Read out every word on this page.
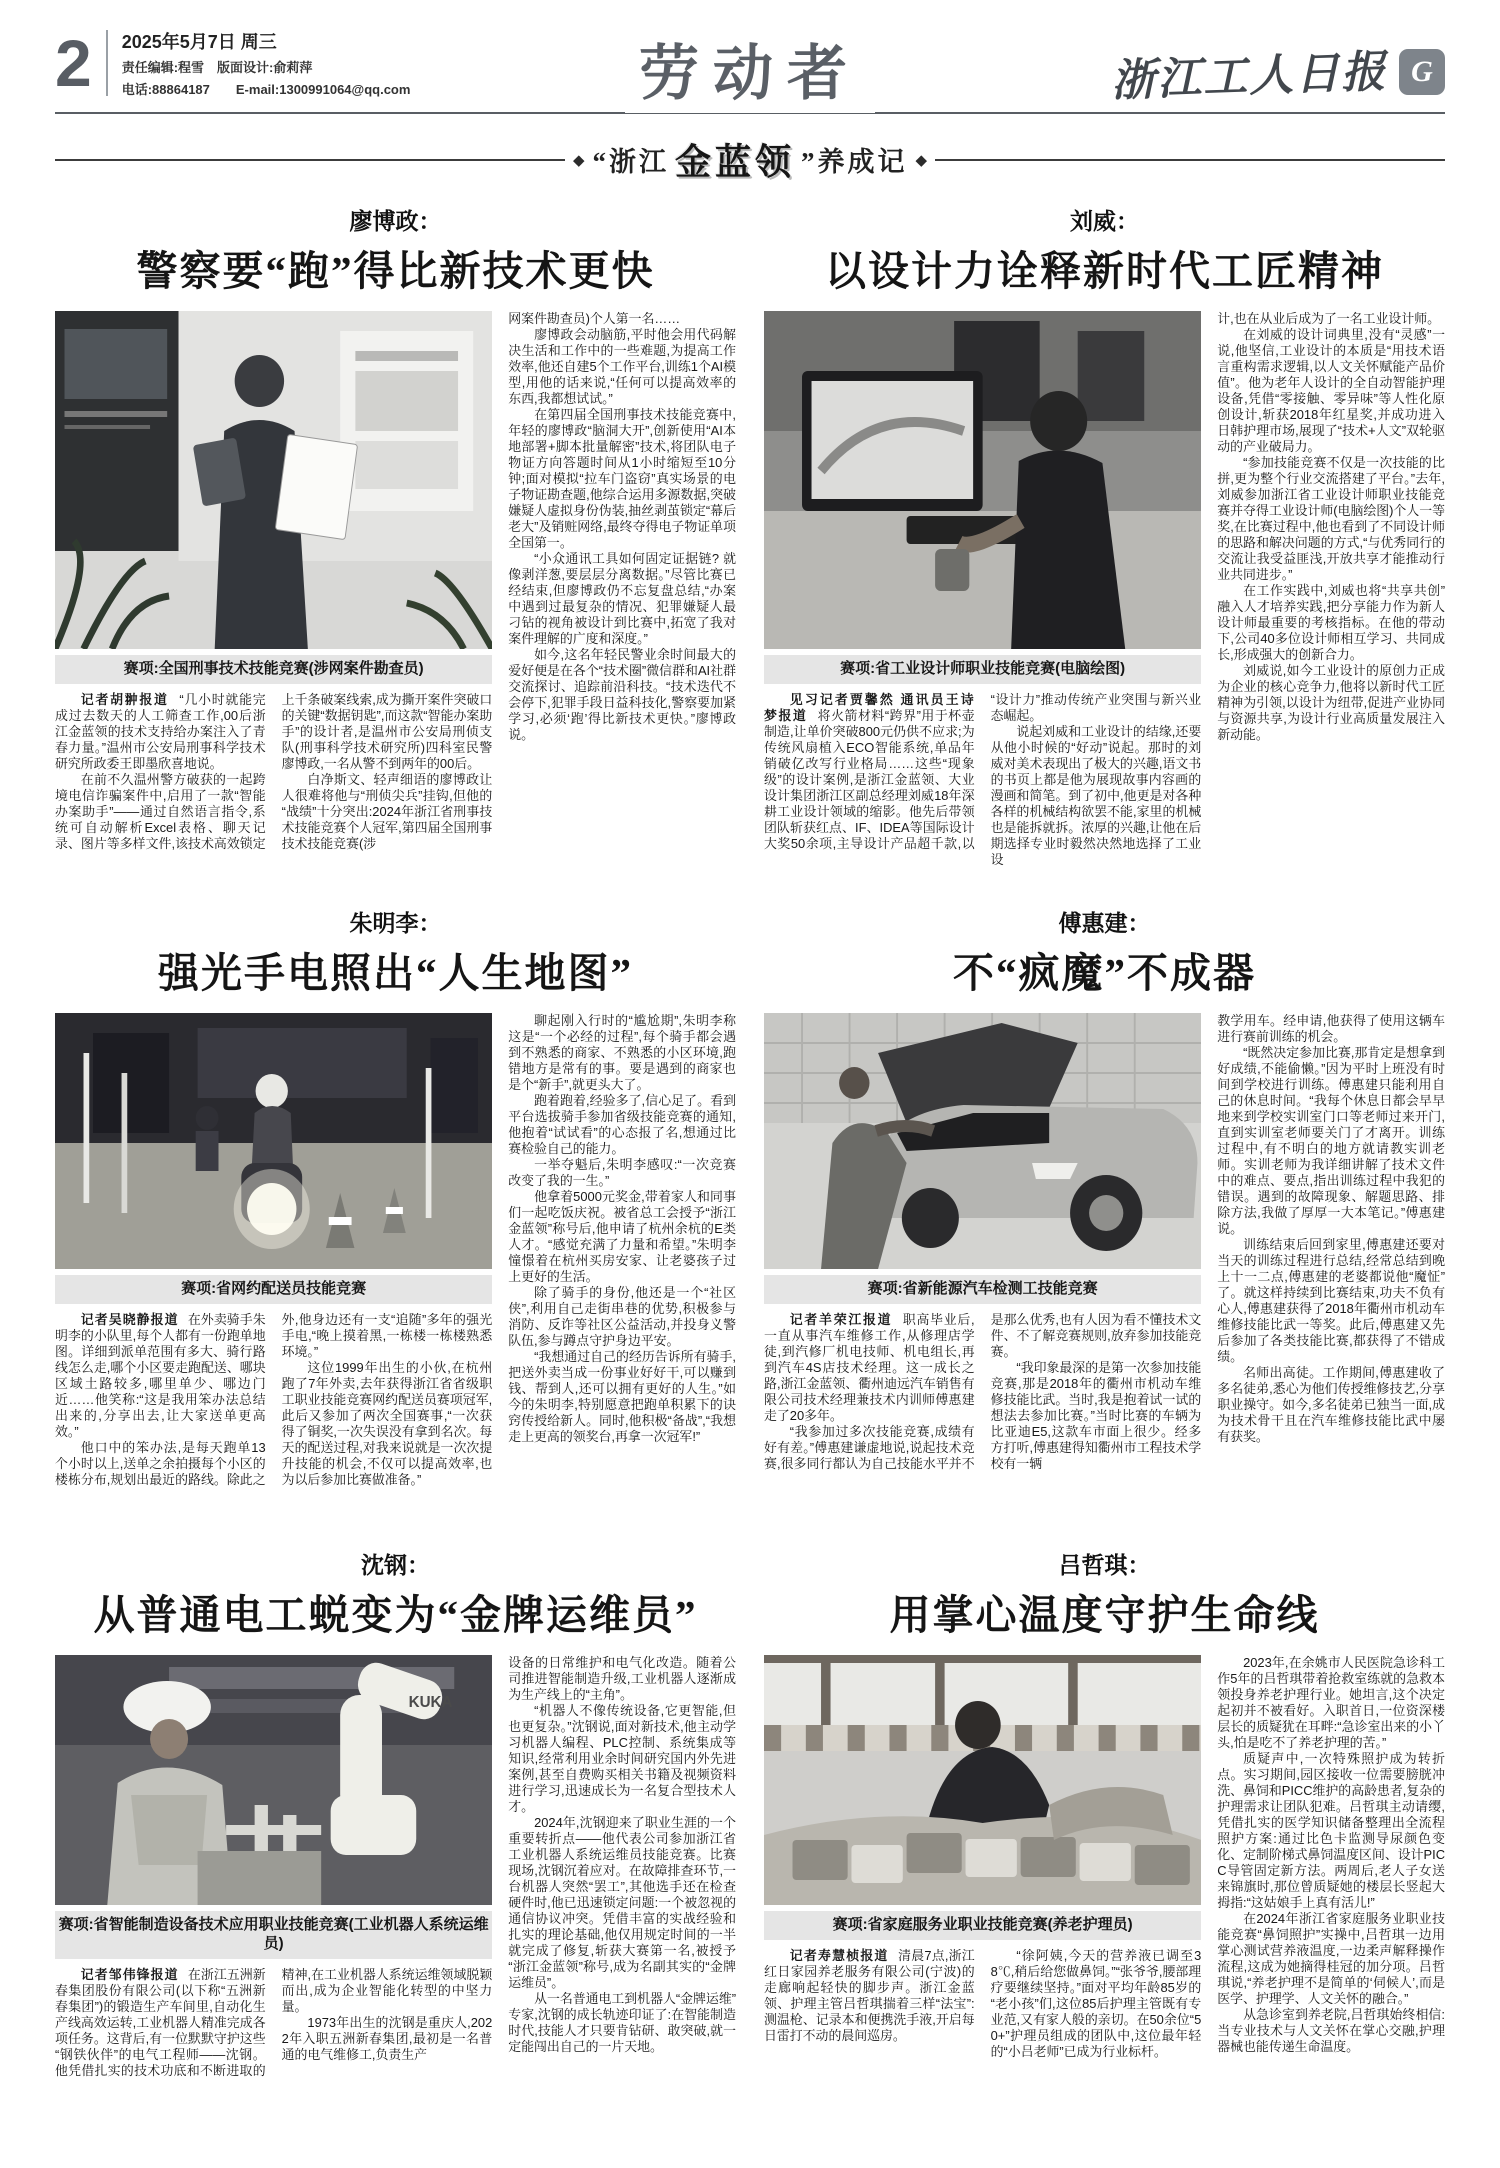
2 2025年5月7日 周三
责任编辑:程雪　版面设计:俞莉萍
电话:88864187　　E-mail:1300991064@qq.com	劳动者	浙江工人日报 G
◆ “浙江 金蓝领 ”养成记 ◆
廖博政：
警察要“跑”得比新技术更快
赛项:全国刑事技术技能竞赛(涉网案件勘查员)

记者胡翀报道 “几小时就能完成过去数天的人工筛查工作,00后浙江金蓝领的技术支持给办案注入了青春力量。”温州市公安局刑事科学技术研究所政委王即墨欣喜地说。

在前不久温州警方破获的一起跨境电信诈骗案件中,启用了一款“智能办案助手”——通过自然语言指令,系统可自动解析Excel表格、聊天记录、图片等多样文件,该技术高效锁定上千条破案线索,成为撕开案件突破口的关键“数据钥匙”,而这款“智能办案助手”的设计者,是温州市公安局刑侦支队(刑事科学技术研究所)四科室民警廖博政,一名从警不到两年的00后。

白净斯文、轻声细语的廖博政让人很难将他与“刑侦尖兵”挂钩,但他的“战绩”十分突出:2024年浙江省刑事技术技能竞赛个人冠军,第四届全国刑事技术技能竞赛(涉

网案件勘查员)个人第一名……

廖博政会动脑筋,平时他会用代码解决生活和工作中的一些难题,为提高工作效率,他还自建5个工作平台,训练1个AI模型,用他的话来说,“任何可以提高效率的东西,我都想试试。”

在第四届全国刑事技术技能竞赛中,年轻的廖博政“脑洞大开”,创新使用“AI本地部署+脚本批量解密”技术,将团队电子物证方向答题时间从1小时缩短至10分钟;面对模拟“拉车门盗窃”真实场景的电子物证勘查题,他综合运用多源数据,突破嫌疑人虚拟身份伪装,抽丝剥茧锁定“幕后老大”及销赃网络,最终夺得电子物证单项全国第一。

“小众通讯工具如何固定证据链? 就像剥洋葱,要层层分离数据。”尽管比赛已经结束,但廖博政仍不忘复盘总结,“办案中遇到过最复杂的情况、犯罪嫌疑人最刁钻的视角被设计到比赛中,拓宽了我对案件理解的广度和深度。”

如今,这名年轻民警业余时间最大的爱好便是在各个“技术圈”微信群和AI社群交流探讨、追踪前沿科技。“技术迭代不会停下,犯罪手段日益科技化,警察要加紧学习,必须‘跑’得比新技术更快。”廖博政说。

刘威：
以设计力诠释新时代工匠精神
赛项:省工业设计师职业技能竞赛(电脑绘图)

见习记者贾馨然 通讯员王诗梦报道 将火箭材料“跨界”用于杯壶制造,让单价突破800元仍供不应求;为传统风扇植入ECO智能系统,单品年销破亿改写行业格局……这些“现象级”的设计案例,是浙江金蓝领、大业设计集团浙江区副总经理刘威18年深耕工业设计领域的缩影。他先后带领团队斩获红点、IF、IDEA等国际设计大奖50余项,主导设计产品超千款,以“设计力”推动传统产业突围与新兴业态崛起。

说起刘威和工业设计的结缘,还要从他小时候的“好动”说起。那时的刘威对美术表现出了极大的兴趣,语文书的书页上都是他为展现故事内容画的漫画和简笔。到了初中,他更是对各种各样的机械结构欲罢不能,家里的机械也是能拆就拆。浓厚的兴趣,让他在后期选择专业时毅然决然地选择了工业设

计,也在从业后成为了一名工业设计师。

在刘威的设计词典里,没有“灵感”一说,他坚信,工业设计的本质是“用技术语言重构需求逻辑,以人文关怀赋能产品价值”。他为老年人设计的全自动智能护理设备,凭借“零接触、零异味”等人性化原创设计,斩获2018年红星奖,并成功进入日韩护理市场,展现了“技术+人文”双轮驱动的产业破局力。

“参加技能竞赛不仅是一次技能的比拼,更为整个行业交流搭建了平台。”去年,刘威参加浙江省工业设计师职业技能竞赛并夺得工业设计师(电脑绘图)个人一等奖,在比赛过程中,他也看到了不同设计师的思路和解决问题的方式,“与优秀同行的交流让我受益匪浅,开放共享才能推动行业共同进步。”

在工作实践中,刘威也将“共享共创”融入人才培养实践,把分享能力作为新人设计师最重要的考核指标。在他的带动下,公司40多位设计师相互学习、共同成长,形成强大的创新合力。

刘威说,如今工业设计的原创力正成为企业的核心竞争力,他将以新时代工匠精神为引领,以设计为纽带,促进产业协同与资源共享,为设计行业高质量发展注入新动能。

朱明李：
强光手电照出“人生地图”
赛项:省网约配送员技能竞赛

记者吴晓静报道 在外卖骑手朱明李的小队里,每个人都有一份跑单地图。详细到派单范围有多大、骑行路线怎么走,哪个小区要走跑配送、哪块区域土路较多,哪里单少、哪边门近……他笑称:“这是我用笨办法总结出来的,分享出去,让大家送单更高效。”

他口中的笨办法,是每天跑单13个小时以上,送单之余拍摄每个小区的楼栋分布,规划出最近的路线。除此之外,他身边还有一支“追随”多年的强光手电,“晚上摸着黑,一栋楼一栋楼熟悉环境。”

这位1999年出生的小伙,在杭州跑了7年外卖,去年获得浙江省省级职工职业技能竞赛网约配送员赛项冠军,此后又参加了两次全国赛事,“一次获得了铜奖,一次失误没有拿到名次。每天的配送过程,对我来说就是一次次提升技能的机会,不仅可以提高效率,也为以后参加比赛做准备。”

聊起刚入行时的“尴尬期”,朱明李称这是“一个必经的过程”,每个骑手都会遇到不熟悉的商家、不熟悉的小区环境,跑错地方是常有的事。要是遇到的商家也是个“新手”,就更头大了。

跑着跑着,经验多了,信心足了。看到平台选拔骑手参加省级技能竞赛的通知,他抱着“试试看”的心态报了名,想通过比赛检验自己的能力。

一举夺魁后,朱明李感叹:“一次竞赛改变了我的一生。”

他拿着5000元奖金,带着家人和同事们一起吃饭庆祝。被省总工会授予“浙江金蓝领”称号后,他申请了杭州余杭的E类人才。“感觉充满了力量和希望。”朱明李憧憬着在杭州买房安家、让老婆孩子过上更好的生活。

除了骑手的身份,他还是一个“社区侠”,利用自己走街串巷的优势,积极参与消防、反诈等社区公益活动,并投身义警队伍,参与蹲点守护身边平安。

“我想通过自己的经历告诉所有骑手,把送外卖当成一份事业好好干,可以赚到钱、帮到人,还可以拥有更好的人生。”如今的朱明李,特别愿意把跑单积累下的诀窍传授给新人。同时,他积极“备战”,“我想走上更高的领奖台,再拿一次冠军!”

傅惠建：
不“疯魔”不成器
赛项:省新能源汽车检测工技能竞赛

记者羊荣江报道 职高毕业后,一直从事汽车维修工作,从修理店学徒,到汽修厂机电技师、机电组长,再到汽车4S店技术经理。这一成长之路,浙江金蓝领、衢州迪远汽车销售有限公司技术经理兼技术内训师傅惠建走了20多年。

“我参加过多次技能竞赛,成绩有好有差。”傅惠建谦虚地说,说起技术竞赛,很多同行都认为自己技能水平并不是那么优秀,也有人因为看不懂技术文件、不了解竞赛规则,放弃参加技能竞赛。

“我印象最深的是第一次参加技能竞赛,那是2018年的衢州市机动车维修技能比武。当时,我是抱着试一试的想法去参加比赛。”当时比赛的车辆为比亚迪E5,这款车市面上很少。经多方打听,傅惠建得知衢州市工程技术学校有一辆

教学用车。经申请,他获得了使用这辆车进行赛前训练的机会。

“既然决定参加比赛,那肯定是想拿到好成绩,不能偷懒。”因为平时上班没有时间到学校进行训练。傅惠建只能利用自己的休息时间。“我每个休息日都会早早地来到学校实训室门口等老师过来开门,直到实训室老师要关门了才离开。训练过程中,有不明白的地方就请教实训老师。实训老师为我详细讲解了技术文件中的难点、要点,指出训练过程中我犯的错误。遇到的故障现象、解题思路、排除方法,我做了厚厚一大本笔记。”傅惠建说。

训练结束后回到家里,傅惠建还要对当天的训练过程进行总结,经常总结到晚上十一二点,傅惠建的老婆都说他“魔怔”了。就这样持续到比赛结束,功夫不负有心人,傅惠建获得了2018年衢州市机动车维修技能比武一等奖。此后,傅惠建又先后参加了各类技能比赛,都获得了不错成绩。

名师出高徒。工作期间,傅惠建收了多名徒弟,悉心为他们传授维修技艺,分享职业操守。如今,多名徒弟已独当一面,成为技术骨干且在汽车维修技能比武中屡有获奖。

沈钢：
从普通电工蜕变为“金牌运维员”
KUKA
赛项:省智能制造设备技术应用职业技能竞赛(工业机器人系统运维员)

记者邹伟锋报道 在浙江五洲新春集团股份有限公司(以下称“五洲新春集团”)的锻造生产车间里,自动化生产线高效运转,工业机器人精准完成各项任务。这背后,有一位默默守护这些“钢铁伙伴”的电气工程师——沈钢。他凭借扎实的技术功底和不断进取的精神,在工业机器人系统运维领域脱颖而出,成为企业智能化转型的中坚力量。

1973年出生的沈钢是重庆人,2022年入职五洲新春集团,最初是一名普通的电气维修工,负责生产

设备的日常维护和电气化改造。随着公司推进智能制造升级,工业机器人逐渐成为生产线上的“主角”。

“机器人不像传统设备,它更智能,但也更复杂。”沈钢说,面对新技术,他主动学习机器人编程、PLC控制、系统集成等知识,经常利用业余时间研究国内外先进案例,甚至自费购买相关书籍及视频资料进行学习,迅速成长为一名复合型技术人才。

2024年,沈钢迎来了职业生涯的一个重要转折点——他代表公司参加浙江省工业机器人系统运维员技能竞赛。比赛现场,沈钢沉着应对。在故障排查环节,一台机器人突然“罢工”,其他选手还在检查硬件时,他已迅速锁定问题:一个被忽视的通信协议冲突。凭借丰富的实战经验和扎实的理论基础,他仅用规定时间的一半就完成了修复,斩获大赛第一名,被授予“浙江金蓝领”称号,成为名副其实的“金牌运维员”。

从一名普通电工到机器人“金牌运维”专家,沈钢的成长轨迹印证了:在智能制造时代,技能人才只要肯钻研、敢突破,就一定能闯出自己的一片天地。

吕哲琪：
用掌心温度守护生命线
赛项:省家庭服务业职业技能竞赛(养老护理员)

记者寿慧桢报道 清晨7点,浙江红日家园养老服务有限公司(宁波)的走廊响起轻快的脚步声。浙江金蓝领、护理主管吕哲琪揣着三样“法宝”:测温枪、记录本和便携洗手液,开启每日雷打不动的晨间巡房。

“徐阿姨,今天的营养液已调至38℃,稍后给您做鼻饲。”“张爷爷,腰部理疗要继续坚持。”面对平均年龄85岁的“老小孩”们,这位85后护理主管既有专业范,又有家人般的亲切。在50余位“50+”护理员组成的团队中,这位最年轻的“小吕老师”已成为行业标杆。

2023年,在余姚市人民医院急诊科工作5年的吕哲琪带着抢救室练就的急救本领投身养老护理行业。她坦言,这个决定起初并不被看好。入职首日,一位资深楼层长的质疑犹在耳畔:“急诊室出来的小丫头,怕是吃不了养老护理的苦。”

质疑声中,一次特殊照护成为转折点。实习期间,园区接收一位需要膀胱冲洗、鼻饲和PICC维护的高龄患者,复杂的护理需求让团队犯难。吕哲琪主动请缨,凭借扎实的医学知识储备整理出全流程照护方案:通过比色卡监测导尿颜色变化、定制阶梯式鼻饲温度区间、设计PICC导管固定新方法。两周后,老人子女送来锦旗时,那位曾质疑她的楼层长竖起大拇指:“这姑娘手上真有活儿!”

在2024年浙江省家庭服务业职业技能竞赛“鼻饲照护”实操中,吕哲琪一边用掌心测试营养液温度,一边柔声解释操作流程,这成为她摘得桂冠的加分项。吕哲琪说,“养老护理不是简单的‘伺候人’,而是医学、护理学、人文关怀的融合。”

从急诊室到养老院,吕哲琪始终相信:当专业技术与人文关怀在掌心交融,护理器械也能传递生命温度。
